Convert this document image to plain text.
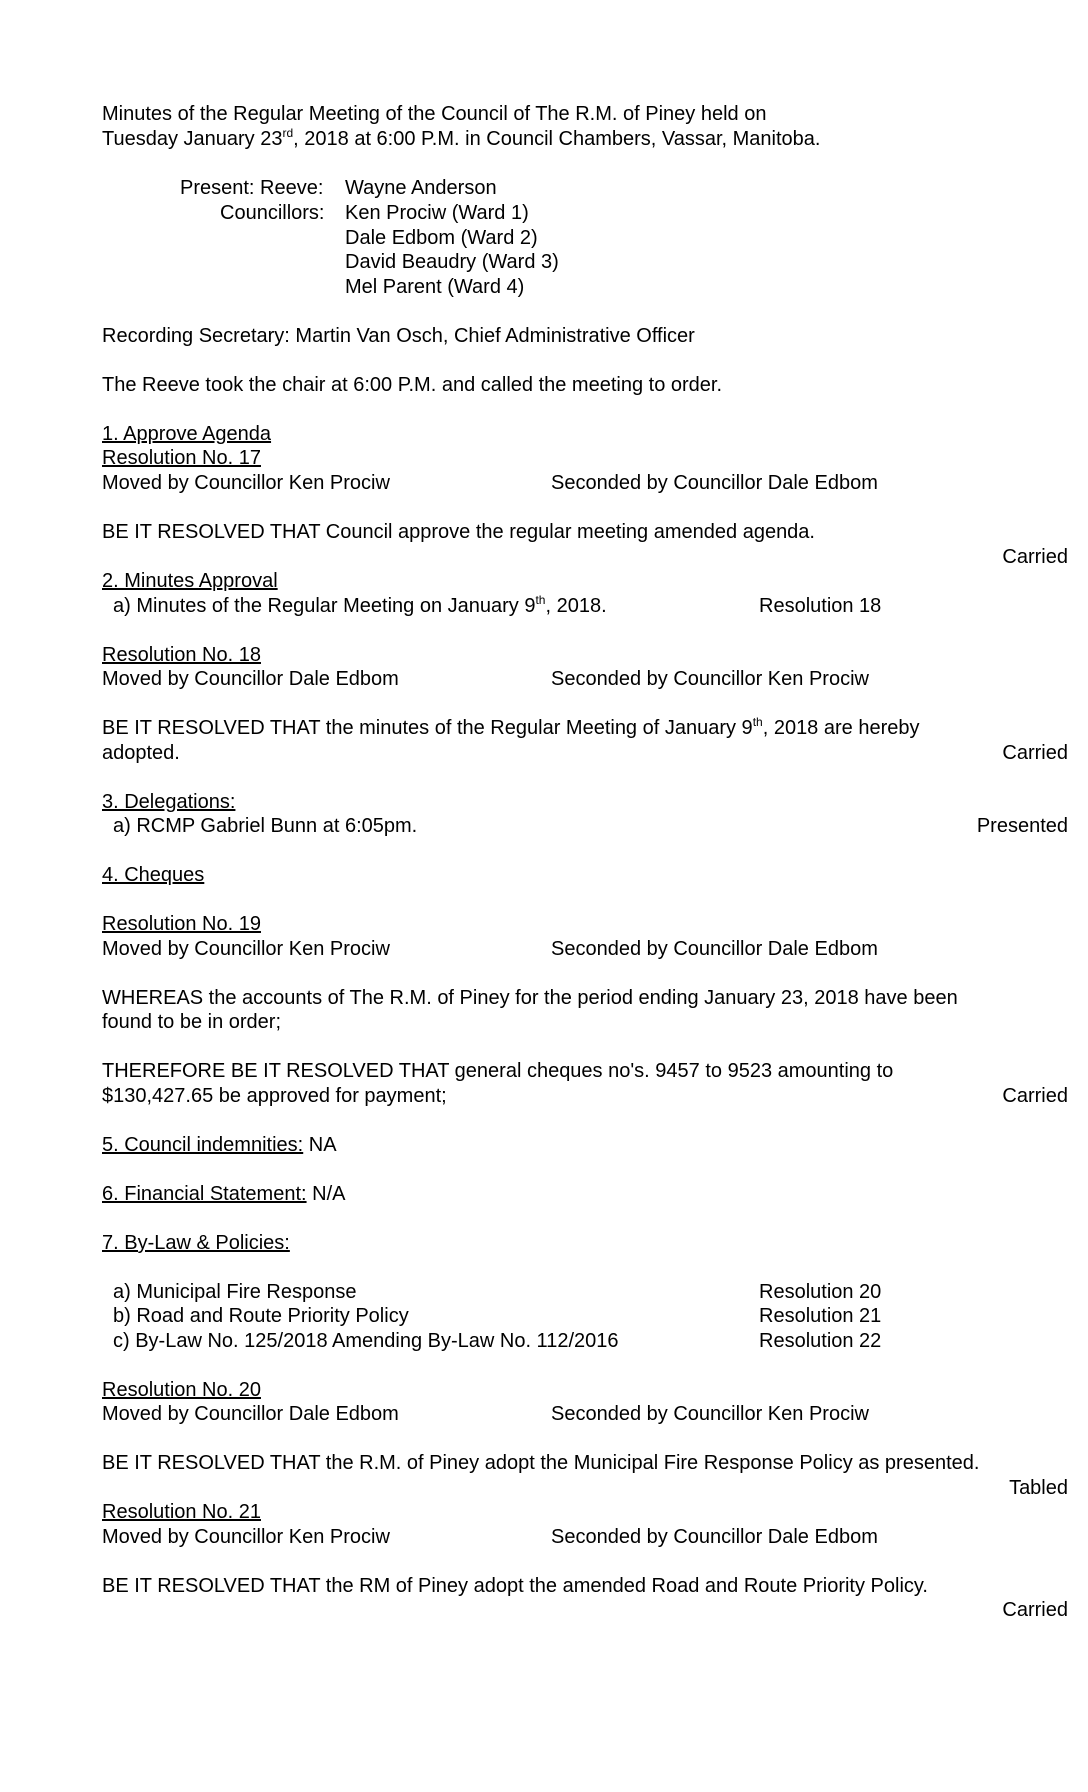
Minutes of the Regular Meeting of the Council of The R.M. of Piney held on
Tuesday January 23rd, 2018 at 6:00 P.M. in Council Chambers, Vassar, Manitoba.
Present: Reeve: Wayne Anderson
Councillors: Ken Prociw (Ward 1)
Dale Edbom (Ward 2)
David Beaudry (Ward 3)
Mel Parent (Ward 4)
Recording Secretary: Martin Van Osch, Chief Administrative Officer
The Reeve took the chair at 6:00 P.M. and called the meeting to order.
1. Approve Agenda
Resolution No. 17
Moved by Councillor Ken Prociw	Seconded by Councillor Dale Edbom
BE IT RESOLVED THAT Council approve the regular meeting amended agenda.
Carried
2. Minutes Approval
a) Minutes of the Regular Meeting on January 9th, 2018.	Resolution 18
Resolution No. 18
Moved by Councillor Dale Edbom	Seconded by Councillor Ken Prociw
BE IT RESOLVED THAT the minutes of the Regular Meeting of January 9th, 2018 are hereby
adopted.	Carried
3. Delegations:
a) RCMP Gabriel Bunn at 6:05pm.	Presented
4. Cheques
Resolution No. 19
Moved by Councillor Ken Prociw	Seconded by Councillor Dale Edbom
WHEREAS the accounts of The R.M. of Piney for the period ending January 23, 2018 have been
found to be in order;
THEREFORE BE IT RESOLVED THAT general cheques no's. 9457 to 9523 amounting to
$130,427.65 be approved for payment;	Carried
5. Council indemnities: NA
6. Financial Statement: N/A
7. By-Law & Policies:
a) Municipal Fire Response	Resolution 20
b) Road and Route Priority Policy	Resolution 21
c) By-Law No. 125/2018 Amending By-Law No. 112/2016	Resolution 22
Resolution No. 20
Moved by Councillor Dale Edbom	Seconded by Councillor Ken Prociw
BE IT RESOLVED THAT the R.M. of Piney adopt the Municipal Fire Response Policy as presented.
Tabled
Resolution No. 21
Moved by Councillor Ken Prociw	Seconded by Councillor Dale Edbom
BE IT RESOLVED THAT the RM of Piney adopt the amended Road and Route Priority Policy.
Carried
